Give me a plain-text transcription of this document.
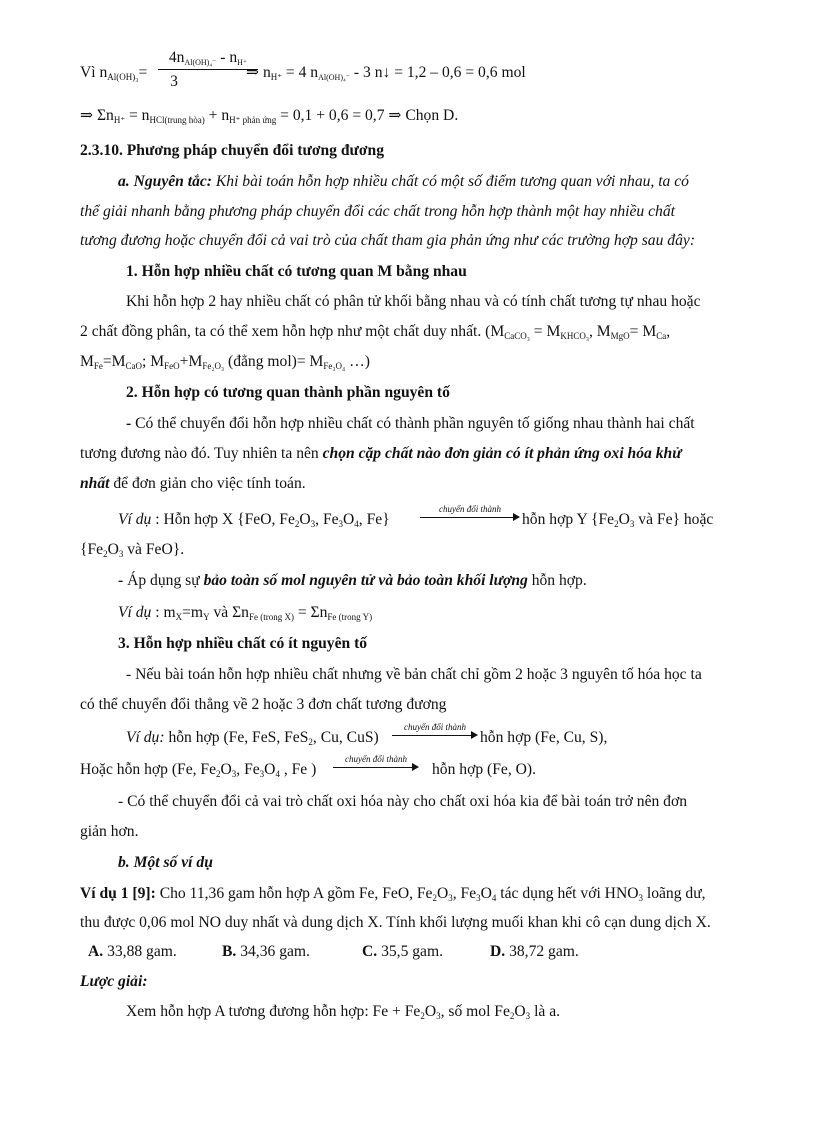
Vì $n_{Al(OH)_3}=$
$4n_{Al(OH)_4^-} - n_{H^+}$
3
⇒ $n_{H^+} = 4$ $n_{Al(OH)_4^-} - 3$ n↓ = 1,2 – 0,6 = 0,6 mol
⇒ $\Sigma n_{H^+} = n_{HCl(trung hòa)} + n_{H^+ phản ứng} = 0,1 + 0,6 = 0,7$ ⇒ Chọn D.
2.3.10. Phương pháp chuyển đổi tương đương
a. Nguyên tắc: Khi bài toán hỗn hợp nhiều chất có một số điểm tương quan với nhau, ta có
thể giải nhanh bằng phương pháp chuyển đổi các chất trong hỗn hợp thành một hay nhiều chất
tương đương hoặc chuyển đổi cả vai trò của chất tham gia phản ứng như các trường hợp sau đây:
1. Hỗn hợp nhiều chất có tương quan M bằng nhau
Khi hỗn hợp 2 hay nhiều chất có phân tử khối bằng nhau và có tính chất tương tự nhau hoặc
2 chất đồng phân, ta có thể xem hỗn hợp như một chất duy nhất. ($M_{CaCO_3} = M_{KHCO_3}$, $M_{MgO}= M_{Ca}$,
$M_{Fe}=M_{CaO}$; $M_{FeO}+M_{Fe_2O_3}$ (đẳng $mol)= M_{Fe_3O_4}$ …)
2. Hỗn hợp có tương quan thành phần nguyên tố
- Có thể chuyển đổi hỗn hợp nhiều chất có thành phần nguyên tố giống nhau thành hai chất
tương đương nào đó. Tuy nhiên ta nên chọn cặp chất nào đơn giản có ít phản ứng oxi hóa khử
nhất để đơn giản cho việc tính toán.
Ví dụ : Hỗn hợp X {FeO, $Fe_2O_3$, $Fe_3O_4$, Fe}
chuyển đổi thành
hỗn hợp Y {$Fe_2O_3$ và Fe} hoặc
{$Fe_2O_3$ và FeO}.
- Áp dụng sự bảo toàn số mol nguyên tử và bảo toàn khối lượng hỗn hợp.
Ví dụ : $m_X=m_Y$ và $\Sigma n_{Fe (trong X)} = \Sigma n_{Fe (trong Y)}$
3. Hỗn hợp nhiều chất có ít nguyên tố
- Nếu bài toán hỗn hợp nhiều chất nhưng về bản chất chỉ gồm 2 hoặc 3 nguyên tố hóa học ta
có thể chuyển đổi thẳng về 2 hoặc 3 đơn chất tương đương
Ví dụ: hỗn hợp (Fe, FeS, FeS$_2$, Cu, CuS)
chuyển đổi thành
hỗn hợp (Fe, Cu, S),
Hoặc hỗn hợp (Fe, $Fe_2O_3$, $Fe_3O_4$ , Fe )
chuyển đổi thành
hỗn hợp (Fe, O).
- Có thể chuyển đổi cả vai trò chất oxi hóa này cho chất oxi hóa kia để bài toán trở nên đơn
giản hơn.
b. Một số ví dụ
Ví dụ 1 [9]: Cho 11,36 gam hỗn hợp A gồm Fe, FeO, $Fe_2O_3$, $Fe_3O_4$ tác dụng hết với $HNO_3$ loãng dư,
thu được 0,06 mol NO duy nhất và dung dịch X. Tính khối lượng muối khan khi cô cạn dung dịch X.
A. 33,88 gam.	B. 34,36 gam.	C. 35,5 gam.	D. 38,72 gam.
Lược giải:
Xem hỗn hợp A tương đương hỗn hợp: $Fe + Fe_2O_3$, số mol $Fe_2O_3$ là a.
